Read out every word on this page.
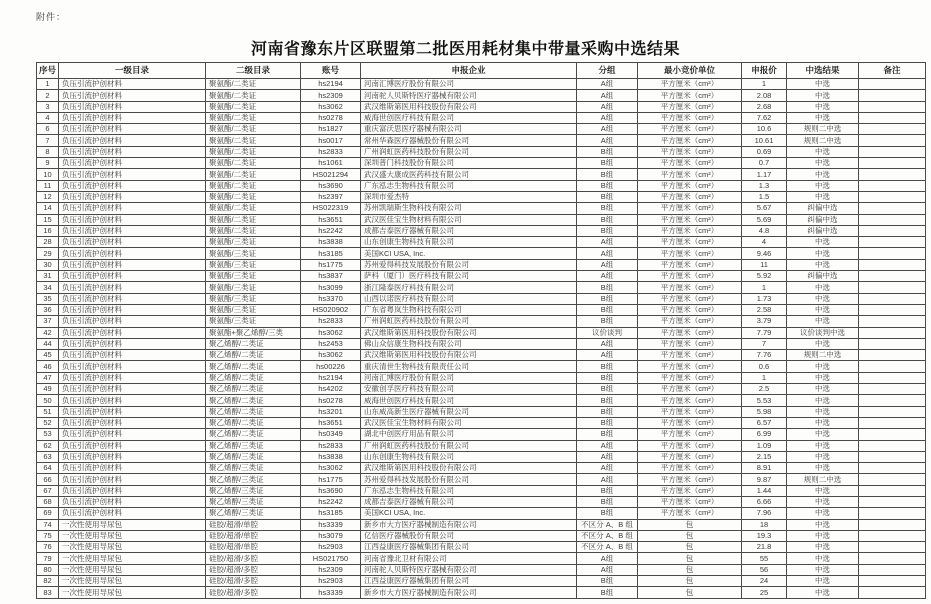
附件：
河南省豫东片区联盟第二批医用耗材集中带量采购中选结果
序号	一级目录	二级目录	账号	申报企业	分组	最小竞价单位	申报价	中选结果	备注
1	负压引流护创材料	聚氨酯/二类证	hs2194	河南汇博医疗股份有限公司	A组	平方厘米（cm²）	1	中选	
2	负压引流护创材料	聚氨酯/二类证	hs2309	河南驼人贝斯特医疗器械有限公司	A组	平方厘米（cm²）	2.08	中选	
3	负压引流护创材料	聚氨酯/二类证	hs3062	武汉维斯第医用科技股份有限公司	A组	平方厘米（cm²）	2.68	中选	
4	负压引流护创材料	聚氨酯/二类证	hs0278	威海世创医疗科技有限公司	A组	平方厘米（cm²）	7.62	中选	
6	负压引流护创材料	聚氨酯/二类证	hs1827	重庆富沃思医疗器械有限公司	A组	平方厘米（cm²）	10.6	规则二中选	
7	负压引流护创材料	聚氨酯/二类证	hs0017	常州华森医疗器械股份有限公司	A组	平方厘米（cm²）	10.61	规则二中选	
8	负压引流护创材料	聚氨酯/二类证	hs2833	广州润虹医药科技股份有限公司	B组	平方厘米（cm²）	0.69	中选	
9	负压引流护创材料	聚氨酯/二类证	hs1061	深圳普门科技股份有限公司	B组	平方厘米（cm²）	0.7	中选	
10	负压引流护创材料	聚氨酯/二类证	HS021294	武汉盛大康成医药科技有限公司	B组	平方厘米（cm²）	1.17	中选	
11	负压引流护创材料	聚氨酯/二类证	hs3690	广东泓志生物科技有限公司	B组	平方厘米（cm²）	1.3	中选	
12	负压引流护创材料	聚氨酯/二类证	hs2397	深圳市爱杰特	B组	平方厘米（cm²）	1.5	中选	
14	负压引流护创材料	聚氨酯/二类证	HS022319	苏州凯瑞斯生物科技有限公司	B组	平方厘米（cm²）	5.67	纠偏中选	
15	负压引流护创材料	聚氨酯/二类证	hs3651	武汉医佳宝生物材料有限公司	B组	平方厘米（cm²）	5.69	纠偏中选	
16	负压引流护创材料	聚氨酯/二类证	hs2242	成都吉泰医疗器械有限公司	B组	平方厘米（cm²）	4.8	纠偏中选	
28	负压引流护创材料	聚氨酯/三类证	hs3838	山东创康生物科技有限公司	A组	平方厘米（cm²）	4	中选	
29	负压引流护创材料	聚氨酯/三类证	hs3185	美国KCI USA, Inc.	A组	平方厘米（cm²）	9.46	中选	
30	负压引流护创材料	聚氨酯/三类证	hs1775	苏州爱得科技发展股份有限公司	A组	平方厘米（cm²）	11	中选	
31	负压引流护创材料	聚氨酯/三类证	hs3837	萨科（厦门）医疗科技有限公司	A组	平方厘米（cm²）	5.92	纠偏中选	
34	负压引流护创材料	聚氨酯/三类证	hs3099	浙江隆泰医疗科技有限公司	B组	平方厘米（cm²）	1	中选	
35	负压引流护创材料	聚氨酯/三类证	hs3370	山西以诺医疗科技有限公司	B组	平方厘米（cm²）	1.73	中选	
36	负压引流护创材料	聚氨酯/三类证	HS020902	广东省粤岚生物科技有限公司	B组	平方厘米（cm²）	2.58	中选	
37	负压引流护创材料	聚氨酯/三类证	hs2833	广州润虹医药科技股份有限公司	B组	平方厘米（cm²）	3.79	中选	
42	负压引流护创材料	聚氨酯+聚乙烯醇/三类	hs3062	武汉维斯第医用科技股份有限公司	议价谈判	平方厘米（cm²）	7.79	议价谈判中选	
44	负压引流护创材料	聚乙烯醇/二类证	hs2453	佛山众信康生物科技有限公司	A组	平方厘米（cm²）	7	中选	
45	负压引流护创材料	聚乙烯醇/二类证	hs3062	武汉维斯第医用科技股份有限公司	A组	平方厘米（cm²）	7.76	规则二中选	
46	负压引流护创材料	聚乙烯醇/二类证	hs00226	重庆清世生物科技有限责任公司	B组	平方厘米（cm²）	0.6	中选	
47	负压引流护创材料	聚乙烯醇/二类证	hs2194	河南汇博医疗股份有限公司	B组	平方厘米（cm²）	1	中选	
49	负压引流护创材料	聚乙烯醇/二类证	hs4202	安徽创孚医疗科技有限公司	B组	平方厘米（cm²）	2.5	中选	
50	负压引流护创材料	聚乙烯醇/二类证	hs0278	威海世创医疗科技有限公司	B组	平方厘米（cm²）	5.53	中选	
51	负压引流护创材料	聚乙烯醇/二类证	hs3201	山东威高新生医疗器械有限公司	B组	平方厘米（cm²）	5.98	中选	
52	负压引流护创材料	聚乙烯醇/二类证	hs3651	武汉医佳宝生物材料有限公司	B组	平方厘米（cm²）	6.57	中选	
53	负压引流护创材料	聚乙烯醇/二类证	hs0349	湖北中创医疗用品有限公司	B组	平方厘米（cm²）	6.99	中选	
62	负压引流护创材料	聚乙烯醇/三类证	hs2833	广州润虹医药科技股份有限公司	A组	平方厘米（cm²）	1.09	中选	
63	负压引流护创材料	聚乙烯醇/三类证	hs3838	山东创康生物科技有限公司	A组	平方厘米（cm²）	2.15	中选	
64	负压引流护创材料	聚乙烯醇/三类证	hs3062	武汉维斯第医用科技股份有限公司	A组	平方厘米（cm²）	8.91	中选	
66	负压引流护创材料	聚乙烯醇/三类证	hs1775	苏州爱得科技发展股份有限公司	A组	平方厘米（cm²）	9.87	规则二中选	
67	负压引流护创材料	聚乙烯醇/三类证	hs3690	广东泓志生物科技有限公司	B组	平方厘米（cm²）	1.44	中选	
68	负压引流护创材料	聚乙烯醇/三类证	hs2242	成都吉泰医疗器械有限公司	B组	平方厘米（cm²）	6.66	中选	
69	负压引流护创材料	聚乙烯醇/三类证	hs3185	美国KCI USA, Inc.	B组	平方厘米（cm²）	7.96	中选	
74	一次性使用导尿包	硅胶/超滑/单腔	hs3339	新乡市大方医疗器械制造有限公司	不区分 A、B 组	包	18	中选	
75	一次性使用导尿包	硅胶/超滑/单腔	hs3079	亿信医疗器械股份有限公司	不区分 A、B 组	包	19.3	中选	
76	一次性使用导尿包	硅胶/超滑/单腔	hs2903	江西益康医疗器械集团有限公司	不区分 A、B 组	包	21.8	中选	
79	一次性使用导尿包	硅胶/超滑/多腔	HS021750	河南省豫北卫材有限公司	A组	包	55	中选	
80	一次性使用导尿包	硅胶/超滑/多腔	hs2309	河南驼人贝斯特医疗器械有限公司	A组	包	56	中选	
82	一次性使用导尿包	硅胶/超滑/多腔	hs2903	江西益康医疗器械集团有限公司	B组	包	24	中选	
83	一次性使用导尿包	硅胶/超滑/多腔	hs3339	新乡市大方医疗器械制造有限公司	B组	包	25	中选	
